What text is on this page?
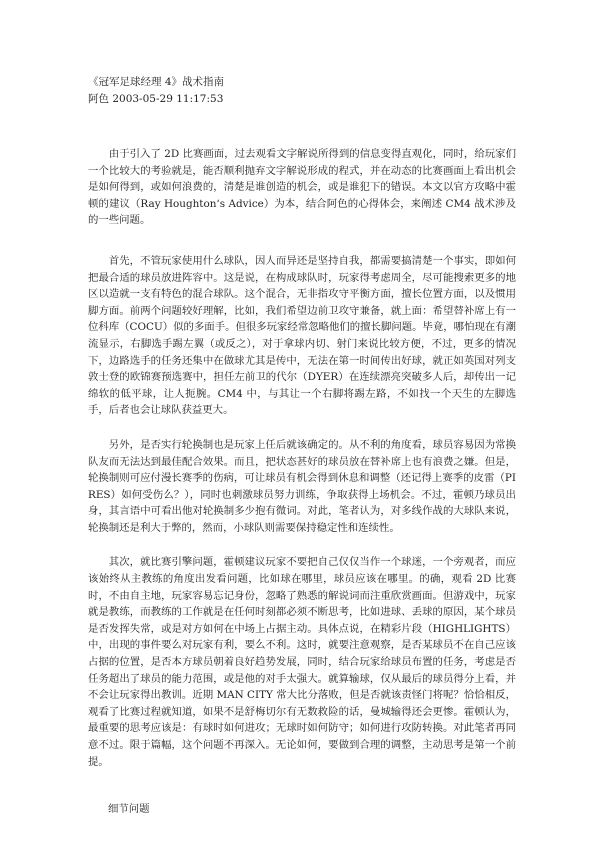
《冠军足球经理 4》战术指南
阿色 2003-05-29 11:17:53

由于引入了 2D 比赛画面，过去观看文字解说所得到的信息变得直观化，同时，给玩家们一个比较大的考验就是，能否顺利抛弃文字解说形成的程式，并在动态的比赛画面上看出机会是如何得到，或如何浪费的，清楚是谁创造的机会，或是谁犯下的错误。本文以官方攻略中霍顿的建议（Ray Houghton‘s Advice）为本，结合阿色的心得体会，来阐述 CM4 战术涉及的一些问题。

首先，不管玩家使用什么球队，因人而异还是坚持自我，都需要搞清楚一个事实，即如何把最合适的球员放进阵容中。这是说，在构成球队时，玩家得考虑周全，尽可能搜索更多的地区以造就一支有特色的混合球队。这个混合，无非指攻守平衡方面，擅长位置方面，以及惯用脚方面。前两个问题较好理解，比如，我们希望边前卫攻守兼备，就上面：希望替补席上有一位科库（COCU）似的多面手。但很多玩家经常忽略他们的擅长脚问题。毕竟，哪怕现在有潮流显示，右脚选手踢左翼（或反之），对于拿球内切、射门来说比较方便，不过，更多的情况下，边路选手的任务还集中在做球尤其是传中，无法在第一时间传出好球，就正如英国对列支敦士登的欧锦赛预选赛中，担任左前卫的代尔（DYER）在连续漂亮突破多人后，却传出一记绵软的低平球，让人扼腕。CM4 中，与其让一个右脚将踢左路，不如找一个天生的左脚选手，后者也会让球队获益更大。

另外，是否实行轮换制也是玩家上任后就该确定的。从不利的角度看，球员容易因为常换队友而无法达到最佳配合效果。而且，把状态甚好的球员放在替补席上也有浪费之嫌。但是，轮换制则可应付漫长赛季的伤病，可让球员有机会得到休息和调整（还记得上赛季的皮雷（PIRES）如何受伤么？），同时也刺激球员努力训练，争取获得上场机会。不过，霍顿乃球员出身，其言语中可看出他对轮换制多少抱有微词。对此，笔者认为，对多线作战的大球队来说，轮换制还是利大于弊的，然而，小球队则需要保持稳定性和连续性。

其次，就比赛引擎问题，霍顿建议玩家不要把自己仅仅当作一个球迷，一个旁观者，而应该始终从主教练的角度出发看问题，比如球在哪里，球员应该在哪里。的确，观看 2D 比赛时，不由自主地，玩家容易忘记身份，忽略了熟悉的解说词而注重欣赏画面。但游戏中，玩家就是教练，而教练的工作就是在任何时刻都必须不断思考，比如进球、丢球的原因，某个球员是否发挥失常，或是对方如何在中场上占据主动。具体点说，在精彩片段（HIGHLIGHTS）中，出现的事件要么对玩家有利，要么不利。这时，就要注意观察，是否某球员不在自己应该占据的位置，是否本方球员朝着良好趋势发展，同时，结合玩家给球员布置的任务，考虑是否任务超出了球员的能力范围，或是他的对手太强大。就算输球，仅从最后的球员得分上看，并不会让玩家得出教训。近期 MAN CITY 常大比分落败，但是否就该责怪门将呢？恰恰相反，观看了比赛过程就知道，如果不是舒梅切尔有无数救险的话，曼城输得还会更惨。霍顿认为，最重要的思考应该是：有球时如何进攻；无球时如何防守；如何进行攻防转换。对此笔者再同意不过。限于篇幅，这个问题不再深入。无论如何，要做到合理的调整，主动思考是第一个前提。

细节问题
